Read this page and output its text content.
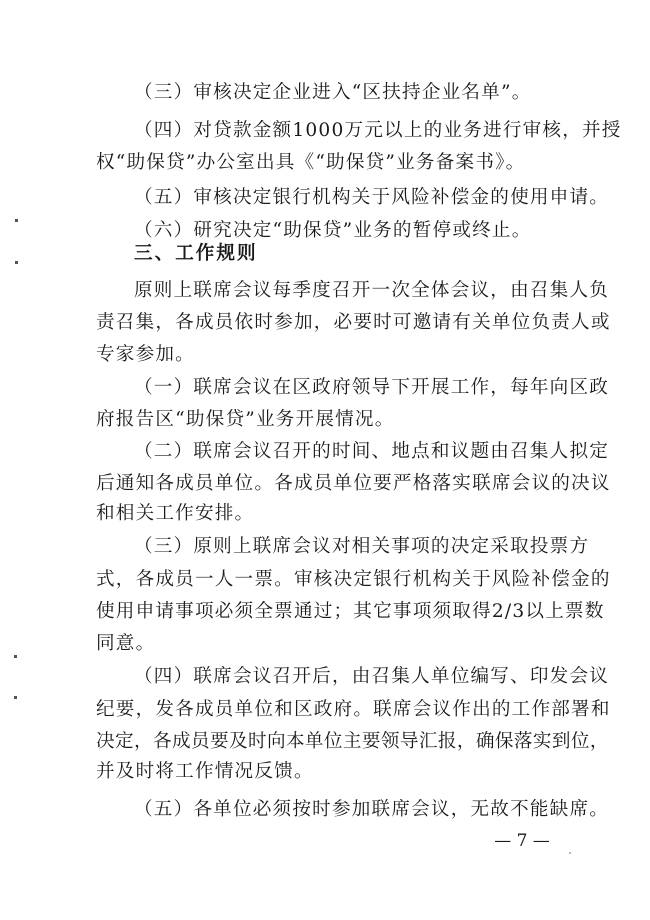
（三）审核决定企业进入“区扶持企业名单”。
（四）对贷款金额1000万元以上的业务进行审核，并授
权“助保贷”办公室出具《“助保贷”业务备案书》。
（五）审核决定银行机构关于风险补偿金的使用申请。
（六）研究决定“助保贷”业务的暂停或终止。
三、工作规则
原则上联席会议每季度召开一次全体会议，由召集人负
责召集，各成员依时参加，必要时可邀请有关单位负责人或
专家参加。
（一）联席会议在区政府领导下开展工作，每年向区政
府报告区“助保贷”业务开展情况。
（二）联席会议召开的时间、地点和议题由召集人拟定
后通知各成员单位。各成员单位要严格落实联席会议的决议
和相关工作安排。
（三）原则上联席会议对相关事项的决定采取投票方
式，各成员一人一票。审核决定银行机构关于风险补偿金的
使用申请事项必须全票通过；其它事项须取得2/3以上票数
同意。
（四）联席会议召开后，由召集人单位编写、印发会议
纪要，发各成员单位和区政府。联席会议作出的工作部署和
决定，各成员要及时向本单位主要领导汇报，确保落实到位，
并及时将工作情况反馈。
（五）各单位必须按时参加联席会议，无故不能缺席。
— 7 —
